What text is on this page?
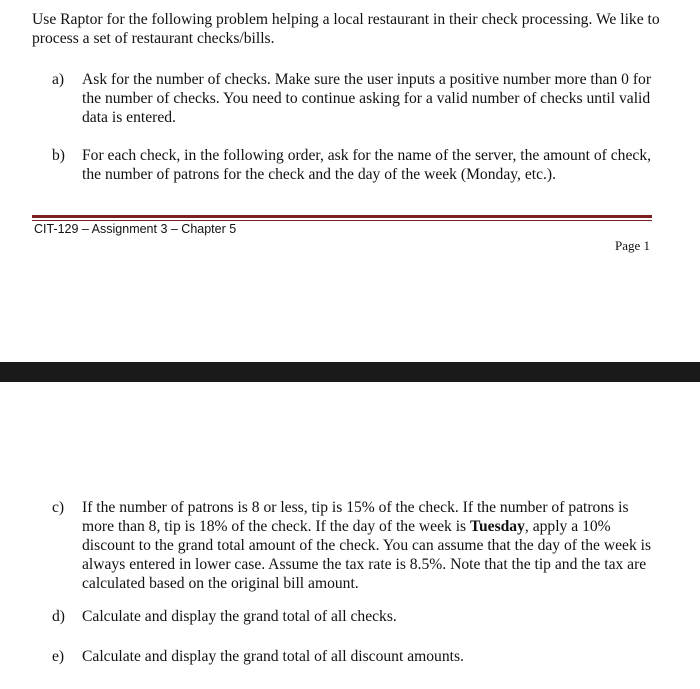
Use Raptor for the following problem helping a local restaurant in their check processing. We like to process a set of restaurant checks/bills.
a)	Ask for the number of checks. Make sure the user inputs a positive number more than 0 for the number of checks. You need to continue asking for a valid number of checks until valid data is entered.
b)	For each check, in the following order, ask for the name of the server, the amount of check, the number of patrons for the check and the day of the week (Monday, etc.).
CIT-129 – Assignment 3 – Chapter 5
Page 1
c)	If the number of patrons is 8 or less, tip is 15% of the check. If the number of patrons is more than 8, tip is 18% of the check. If the day of the week is Tuesday, apply a 10% discount to the grand total amount of the check. You can assume that the day of the week is always entered in lower case. Assume the tax rate is 8.5%. Note that the tip and the tax are calculated based on the original bill amount.
d)	Calculate and display the grand total of all checks.
e)	Calculate and display the grand total of all discount amounts.
